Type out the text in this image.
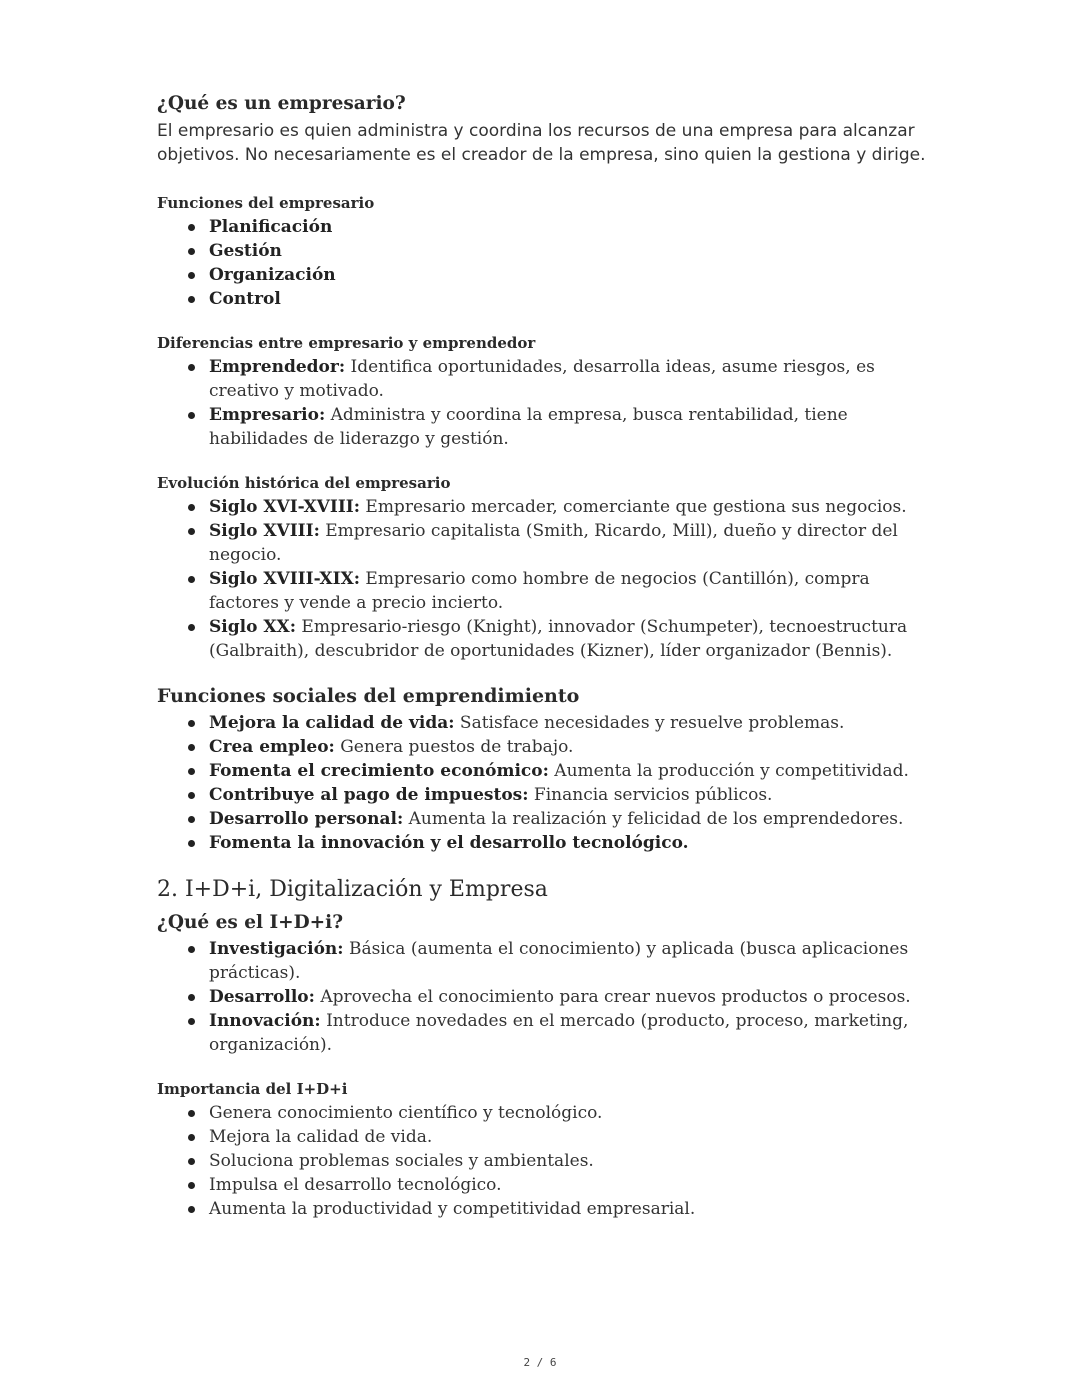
¿Qué es un empresario?

El empresario es quien administra y coordina los recursos de una empresa para alcanzar objetivos. No necesariamente es el creador de la empresa, sino quien la gestiona y dirige.

Funciones del empresario
Planificación
Gestión
Organización
Control
Diferencias entre empresario y emprendedor
Emprendedor: Identifica oportunidades, desarrolla ideas, asume riesgos, es creativo y motivado.
Empresario: Administra y coordina la empresa, busca rentabilidad, tiene habilidades de liderazgo y gestión.
Evolución histórica del empresario
Siglo XVI-XVIII: Empresario mercader, comerciante que gestiona sus negocios.
Siglo XVIII: Empresario capitalista (Smith, Ricardo, Mill), dueño y director del negocio.
Siglo XVIII-XIX: Empresario como hombre de negocios (Cantillón), compra factores y vende a precio incierto.
Siglo XX: Empresario-riesgo (Knight), innovador (Schumpeter), tecnoestructura (Galbraith), descubridor de oportunidades (Kizner), líder organizador (Bennis).
Funciones sociales del emprendimiento
Mejora la calidad de vida: Satisface necesidades y resuelve problemas.
Crea empleo: Genera puestos de trabajo.
Fomenta el crecimiento económico: Aumenta la producción y competitividad.
Contribuye al pago de impuestos: Financia servicios públicos.
Desarrollo personal: Aumenta la realización y felicidad de los emprendedores.
Fomenta la innovación y el desarrollo tecnológico.
2. I+D+i, Digitalización y Empresa
¿Qué es el I+D+i?
Investigación: Básica (aumenta el conocimiento) y aplicada (busca aplicaciones prácticas).
Desarrollo: Aprovecha el conocimiento para crear nuevos productos o procesos.
Innovación: Introduce novedades en el mercado (producto, proceso, marketing, organización).
Importancia del I+D+i
Genera conocimiento científico y tecnológico.
Mejora la calidad de vida.
Soluciona problemas sociales y ambientales.
Impulsa el desarrollo tecnológico.
Aumenta la productividad y competitividad empresarial.
2 / 6
